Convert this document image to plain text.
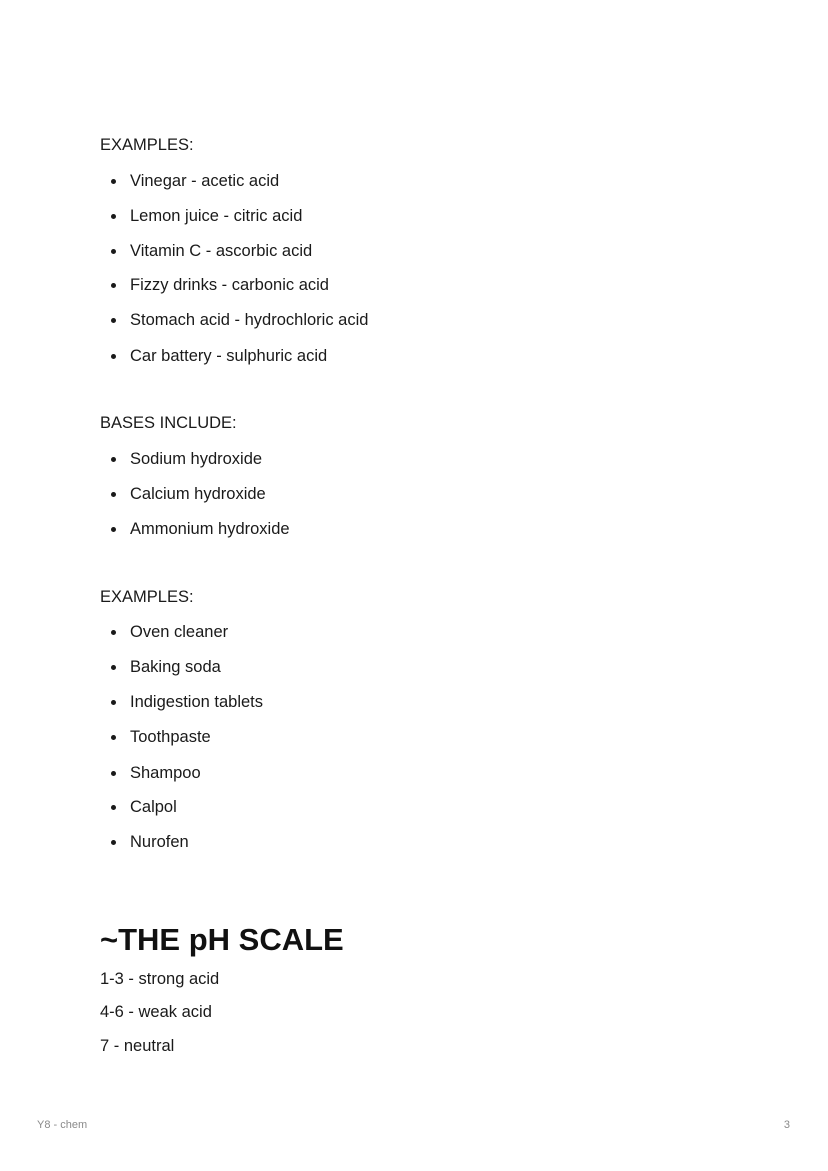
EXAMPLES:

Vinegar - acetic acid
Lemon juice - citric acid
Vitamin C - ascorbic acid
Fizzy drinks - carbonic acid
Stomach acid - hydrochloric acid
Car battery - sulphuric acid

BASES INCLUDE:

Sodium hydroxide
Calcium hydroxide
Ammonium hydroxide

EXAMPLES:

Oven cleaner
Baking soda
Indigestion tablets
Toothpaste
Shampoo
Calpol
Nurofen
~THE pH SCALE

1-3 - strong acid

4-6 - weak acid

7 - neutral

Y8 - chem	3
